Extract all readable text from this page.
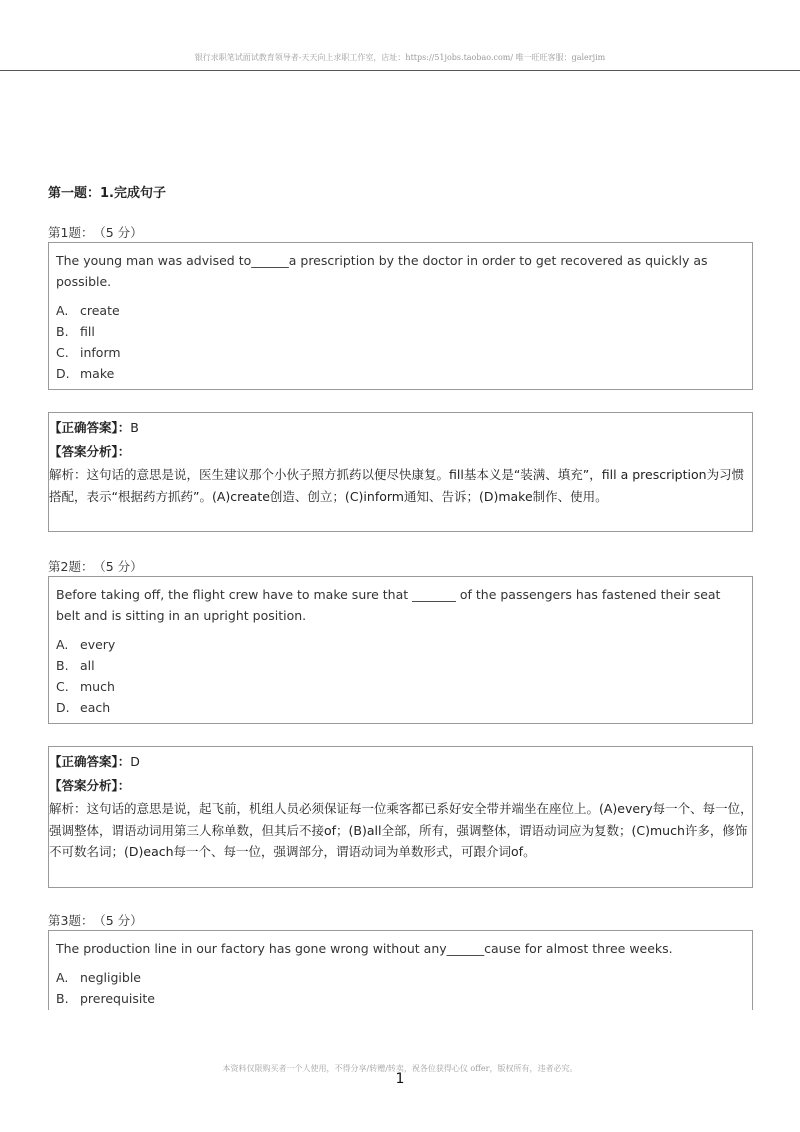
银行求职笔试面试教育领导者-天天向上求职工作室，店址：https://51jobs.taobao.com/ 唯一旺旺客服：galerjim
第一题：1.完成句子
第1题： （5 分）
The young man was advised to______a prescription by the doctor in order to get recovered as quickly as possible.
A. create
B. fill
C. inform
D. make
【正确答案】：B
【答案分析】：
解析：这句话的意思是说，医生建议那个小伙子照方抓药以便尽快康复。fill基本义是“装满、填充”，fill a prescription为习惯搭配，表示“根据药方抓药”。(A)create创造、创立；(C)inform通知、告诉；(D)make制作、使用。
第2题： （5 分）
Before taking off, the flight crew have to make sure that _______ of the passengers has fastened their seat belt and is sitting in an upright position.
A. every
B. all
C. much
D. each
【正确答案】：D
【答案分析】：
解析：这句话的意思是说，起飞前，机组人员必须保证每一位乘客都已系好安全带并端坐在座位上。(A)every每一个、每一位，强调整体，谓语动词用第三人称单数，但其后不接of；(B)all全部，所有，强调整体，谓语动词应为复数；(C)much许多，修饰不可数名词；(D)each每一个、每一位，强调部分，谓语动词为单数形式，可跟介词of。
第3题： （5 分）
The production line in our factory has gone wrong without any______cause for almost three weeks.
A. negligible
B. prerequisite
本资料仅限购买者一个人使用，不得分享/转赠/转卖，祝各位获得心仪 offer，版权所有，违者必究。
1
